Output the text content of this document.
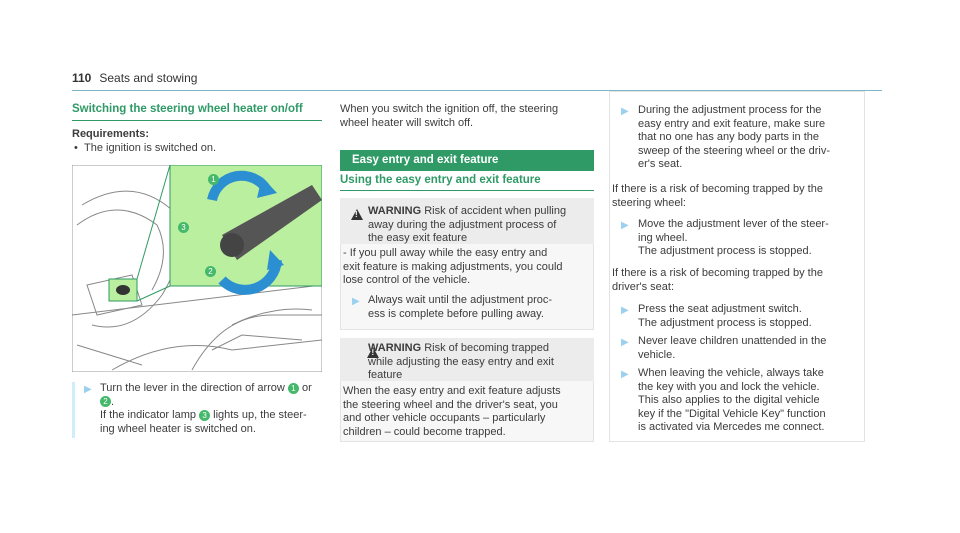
110 Seats and stowing
Switching the steering wheel heater on/off
Requirements:
• The ignition is switched on.
1
3
2
▶ Turn the lever in the direction of arrow 1 or
2 .
If the indicator lamp 3 lights up, the steer-
ing wheel heater is switched on.
When you switch the ignition off, the steering
wheel heater will switch off.
Easy entry and exit feature
Using the easy entry and exit feature
!
WARNING Risk of accident when pulling
away during the adjustment process of
the easy exit feature
- If you pull away while the easy entry and
exit feature is making adjustments, you could
lose control of the vehicle.
▶ Always wait until the adjustment proc-
ess is complete before pulling away.
!
WARNING Risk of becoming trapped
while adjusting the easy entry and exit
feature
When the easy entry and exit feature adjusts
the steering wheel and the driver's seat, you
and other vehicle occupants – particularly
children – could become trapped.
▶ During the adjustment process for the
easy entry and exit feature, make sure
that no one has any body parts in the
sweep of the steering wheel or the driv-
er's seat.
If there is a risk of becoming trapped by the
steering wheel:
▶ Move the adjustment lever of the steer-
ing wheel.
The adjustment process is stopped.
If there is a risk of becoming trapped by the
driver's seat:
▶ Press the seat adjustment switch.
The adjustment process is stopped.
▶ Never leave children unattended in the
vehicle.
▶ When leaving the vehicle, always take
the key with you and lock the vehicle.
This also applies to the digital vehicle
key if the "Digital Vehicle Key" function
is activated via Mercedes me connect.
